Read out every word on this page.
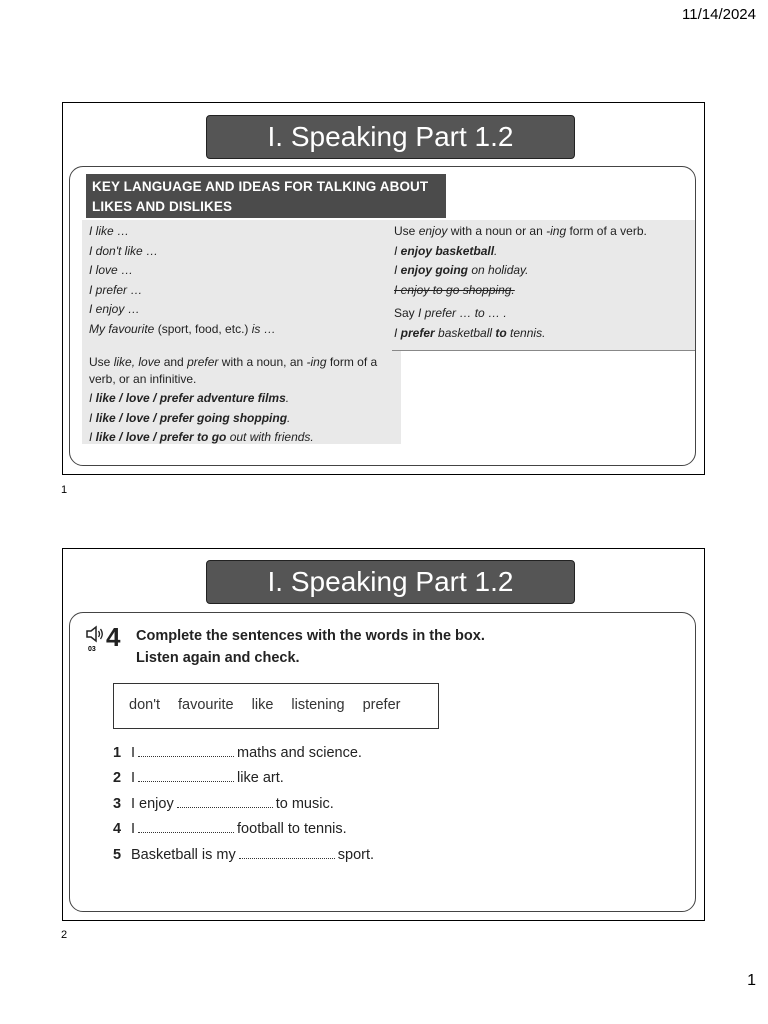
11/14/2024
I. Speaking Part 1.2
KEY LANGUAGE AND IDEAS FOR TALKING ABOUT
LIKES AND DISLIKES
I like …
I don't like …
I love …
I prefer …
I enjoy …
My favourite (sport, food, etc.) is …
Use like, love and prefer with a noun, an -ing form of a
verb, or an infinitive.
I like / love / prefer adventure films.
I like / love / prefer going shopping.
I like / love / prefer to go out with friends.
Use enjoy with a noun or an -ing form of a verb.
I enjoy basketball.
I enjoy going on holiday.
I enjoy to go shopping.
Say I prefer … to … .
I prefer basketball to tennis.
1
I. Speaking Part 1.2
03 4 Complete the sentences with the words in the box.
Listen again and check.
don't favourite like listening prefer
1 I	maths and science.
2 I	like art.
3 I enjoy	to music.
4 I	football to tennis.
5 Basketball is my	sport.
2
1
